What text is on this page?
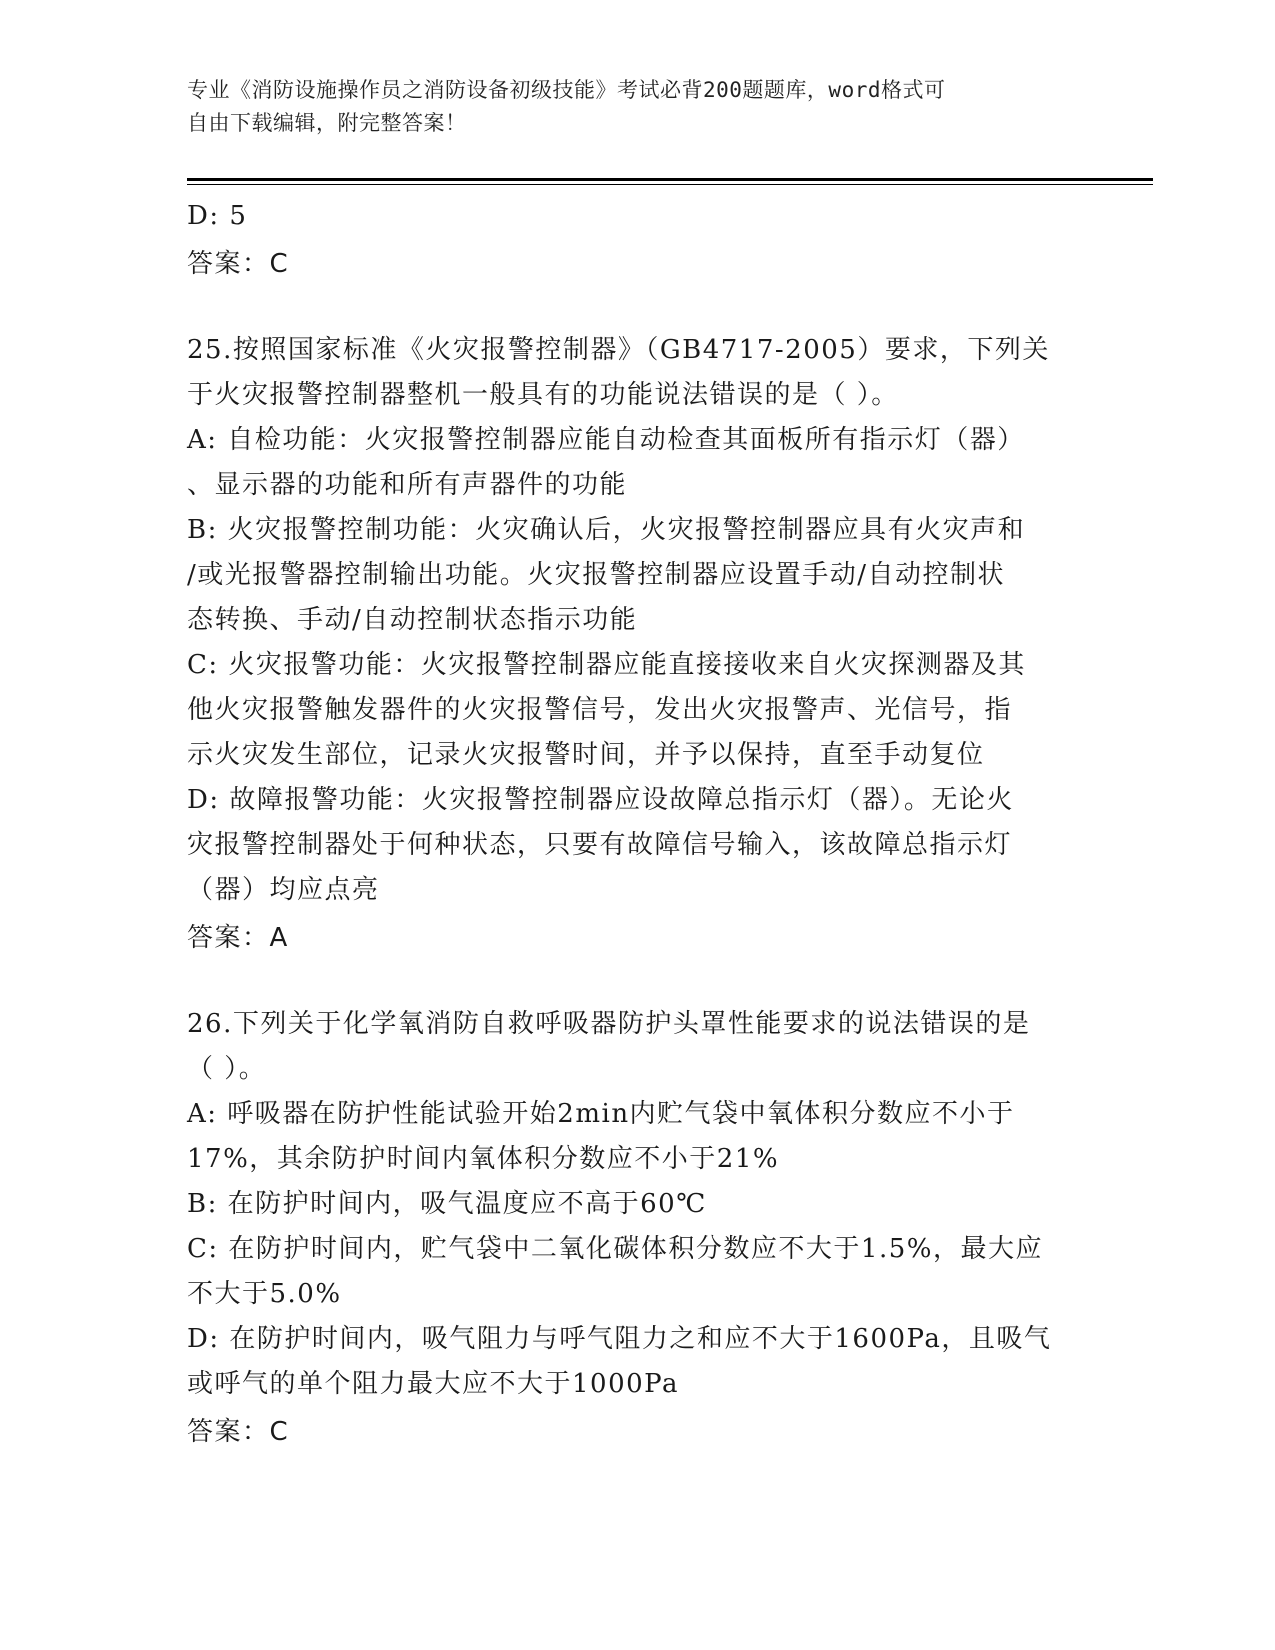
专业《消防设施操作员之消防设备初级技能》考试必背200题题库，word格式可
自由下载编辑，附完整答案！
D: 5
答案：C
25.按照国家标准《火灾报警控制器》（GB4717-2005）要求，下列关
于火灾报警控制器整机一般具有的功能说法错误的是（ ）。
A: 自检功能：火灾报警控制器应能自动检查其面板所有指示灯（器）
、显示器的功能和所有声器件的功能
B: 火灾报警控制功能：火灾确认后，火灾报警控制器应具有火灾声和
/或光报警器控制输出功能。火灾报警控制器应设置手动/自动控制状
态转换、手动/自动控制状态指示功能
C: 火灾报警功能：火灾报警控制器应能直接接收来自火灾探测器及其
他火灾报警触发器件的火灾报警信号，发出火灾报警声、光信号，指
示火灾发生部位，记录火灾报警时间，并予以保持，直至手动复位
D: 故障报警功能：火灾报警控制器应设故障总指示灯（器）。无论火
灾报警控制器处于何种状态，只要有故障信号输入，该故障总指示灯
（器）均应点亮
答案：A
26.下列关于化学氧消防自救呼吸器防护头罩性能要求的说法错误的是
（ ）。
A: 呼吸器在防护性能试验开始2min内贮气袋中氧体积分数应不小于
17%，其余防护时间内氧体积分数应不小于21%
B: 在防护时间内，吸气温度应不高于60℃
C: 在防护时间内，贮气袋中二氧化碳体积分数应不大于1.5%，最大应
不大于5.0%
D: 在防护时间内，吸气阻力与呼气阻力之和应不大于1600Pa，且吸气
或呼气的单个阻力最大应不大于1000Pa
答案：C
